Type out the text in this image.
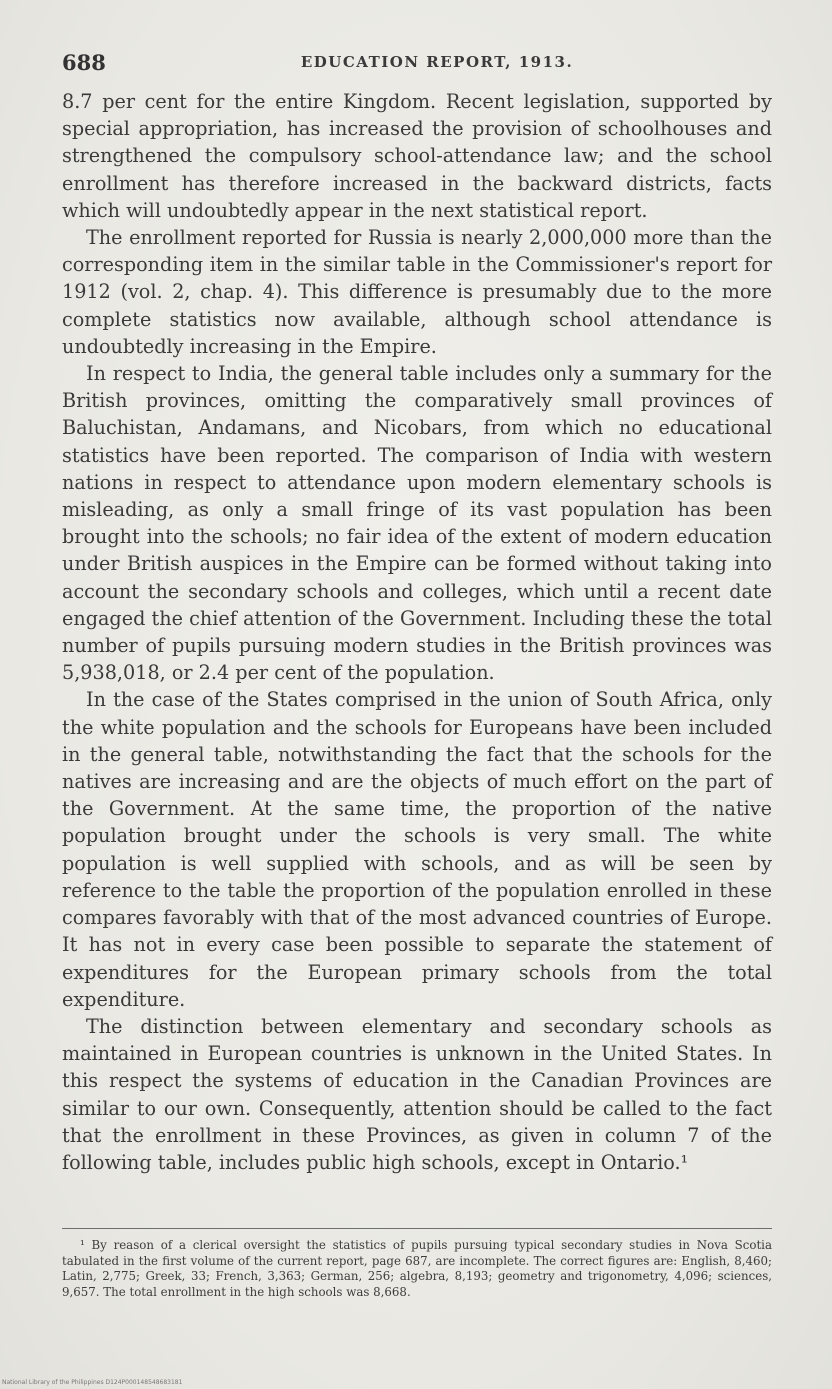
688	EDUCATION REPORT, 1913.

8.7 per cent for the entire Kingdom. Recent legislation, supported by special appropriation, has increased the provision of schoolhouses and strengthened the compulsory school-attendance law; and the school enrollment has therefore increased in the backward districts, facts which will undoubtedly appear in the next statistical report.

The enrollment reported for Russia is nearly 2,000,000 more than the corresponding item in the similar table in the Commissioner's report for 1912 (vol. 2, chap. 4). This difference is presumably due to the more complete statistics now available, although school attendance is undoubtedly increasing in the Empire.

In respect to India, the general table includes only a summary for the British provinces, omitting the comparatively small provinces of Baluchistan, Andamans, and Nicobars, from which no educational statistics have been reported. The comparison of India with western nations in respect to attendance upon modern elementary schools is misleading, as only a small fringe of its vast population has been brought into the schools; no fair idea of the extent of modern education under British auspices in the Empire can be formed without taking into account the secondary schools and colleges, which until a recent date engaged the chief attention of the Government. Including these the total number of pupils pursuing modern studies in the British provinces was 5,938,018, or 2.4 per cent of the population.

In the case of the States comprised in the union of South Africa, only the white population and the schools for Europeans have been included in the general table, notwithstanding the fact that the schools for the natives are increasing and are the objects of much effort on the part of the Government. At the same time, the proportion of the native population brought under the schools is very small. The white population is well supplied with schools, and as will be seen by reference to the table the proportion of the population enrolled in these compares favorably with that of the most advanced countries of Europe. It has not in every case been possible to separate the statement of expenditures for the European primary schools from the total expenditure.

The distinction between elementary and secondary schools as maintained in European countries is unknown in the United States. In this respect the systems of education in the Canadian Provinces are similar to our own. Consequently, attention should be called to the fact that the enrollment in these Provinces, as given in column 7 of the following table, includes public high schools, except in Ontario.¹

¹ By reason of a clerical oversight the statistics of pupils pursuing typical secondary studies in Nova Scotia tabulated in the first volume of the current report, page 687, are incomplete. The correct figures are: English, 8,460; Latin, 2,775; Greek, 33; French, 3,363; German, 256; algebra, 8,193; geometry and trigonometry, 4,096; sciences, 9,657. The total enrollment in the high schools was 8,668.

National Library of the Philippines D124P000148548683181
